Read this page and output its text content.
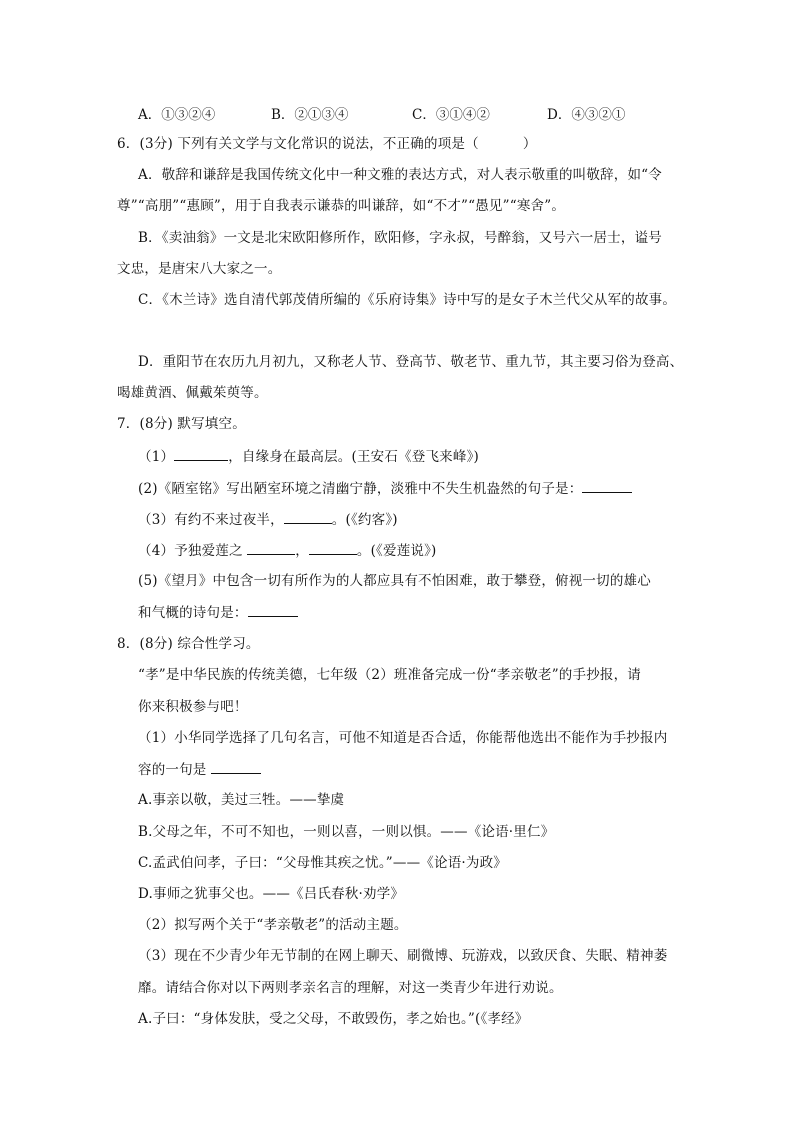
A．①③②④	B．②①③④	C．③①④②	D．④③②①
6．(3分) 下列有关文学与文化常识的说法，不正确的项是（	）
A．敬辞和谦辞是我国传统文化中一种文雅的表达方式，对人表示敬重的叫敬辞，如“令
尊”“高朋”“惠顾”，用于自我表示谦恭的叫谦辞，如“不才”“愚见”“寒舍”。
B．《卖油翁》一文是北宋欧阳修所作，欧阳修，字永叔，号醉翁，又号六一居士，谥号
文忠，是唐宋八大家之一。
C．《木兰诗》选自清代郭茂倩所编的《乐府诗集》诗中写的是女子木兰代父从军的故事。
D．重阳节在农历九月初九，又称老人节、登高节、敬老节、重九节，其主要习俗为登高、
喝雄黄酒、佩戴茱萸等。
7．(8分) 默写填空。
（1）	，自缘身在最高层。(王安石《登飞来峰》)
(2)《陋室铭》写出陋室环境之清幽宁静，淡雅中不失生机盎然的句子是：
（3）有约不来过夜半，	。(《约客》)
（4）予独爱莲之	，	。(《爱莲说》)
(5)《望月》中包含一切有所作为的人都应具有不怕困难，敢于攀登，俯视一切的雄心
和气概的诗句是：
8．(8分) 综合性学习。
“孝”是中华民族的传统美德，七年级（2）班准备完成一份“孝亲敬老”的手抄报，请
你来积极参与吧！
（1）小华同学选择了几句名言，可他不知道是否合适，你能帮他选出不能作为手抄报内
容的一句是
A.事亲以敬，美过三牲。——挚虞
B.父母之年，不可不知也，一则以喜，一则以惧。——《论语·里仁》
C.孟武伯问孝，子曰：“父母惟其疾之忧。”——《论语·为政》
D.事师之犹事父也。——《吕氏春秋·劝学》
（2）拟写两个关于“孝亲敬老”的活动主题。
（3）现在不少青少年无节制的在网上聊天、刷微博、玩游戏，以致厌食、失眠、精神萎
靡。请结合你对以下两则孝亲名言的理解，对这一类青少年进行劝说。
A.子曰：“身体发肤，受之父母，不敢毁伤，孝之始也。”(《孝经》
